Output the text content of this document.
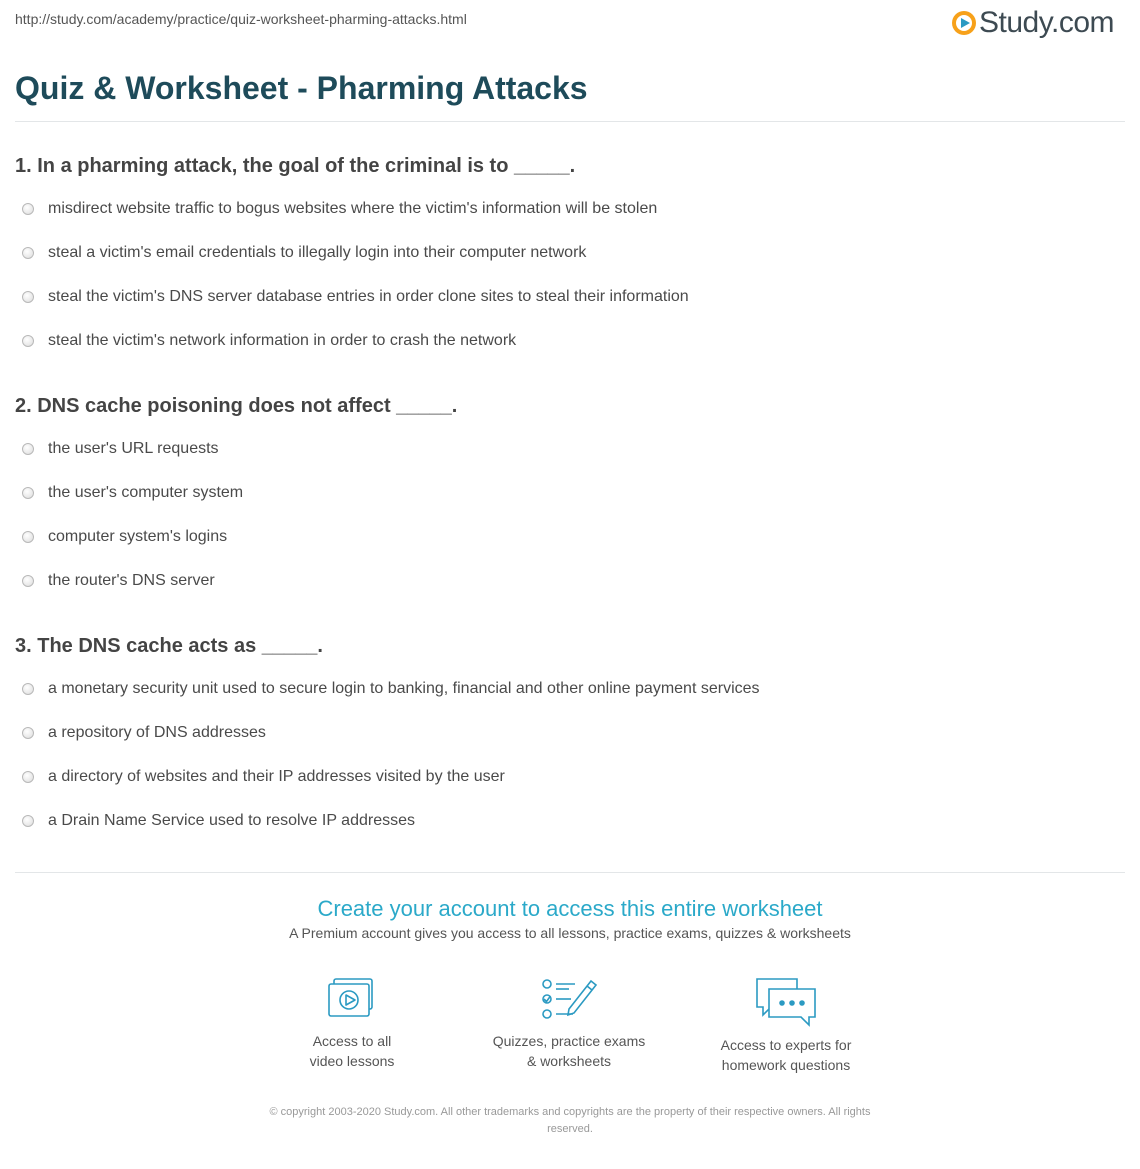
http://study.com/academy/practice/quiz-worksheet-pharming-attacks.html	Study.com
Quiz & Worksheet - Pharming Attacks
1. In a pharming attack, the goal of the criminal is to _____.
misdirect website traffic to bogus websites where the victim's information will be stolen
steal a victim's email credentials to illegally login into their computer network
steal the victim's DNS server database entries in order clone sites to steal their information
steal the victim's network information in order to crash the network
2. DNS cache poisoning does not affect _____.
the user's URL requests
the user's computer system
computer system's logins
the router's DNS server
3. The DNS cache acts as _____.
a monetary security unit used to secure login to banking, financial and other online payment services
a repository of DNS addresses
a directory of websites and their IP addresses visited by the user
a Drain Name Service used to resolve IP addresses
Create your account to access this entire worksheet
A Premium account gives you access to all lessons, practice exams, quizzes & worksheets
Access to all
video lessons
Quizzes, practice exams
& worksheets
Access to experts for
homework questions
© copyright 2003-2020 Study.com. All other trademarks and copyrights are the property of their respective owners. All rights
reserved.
